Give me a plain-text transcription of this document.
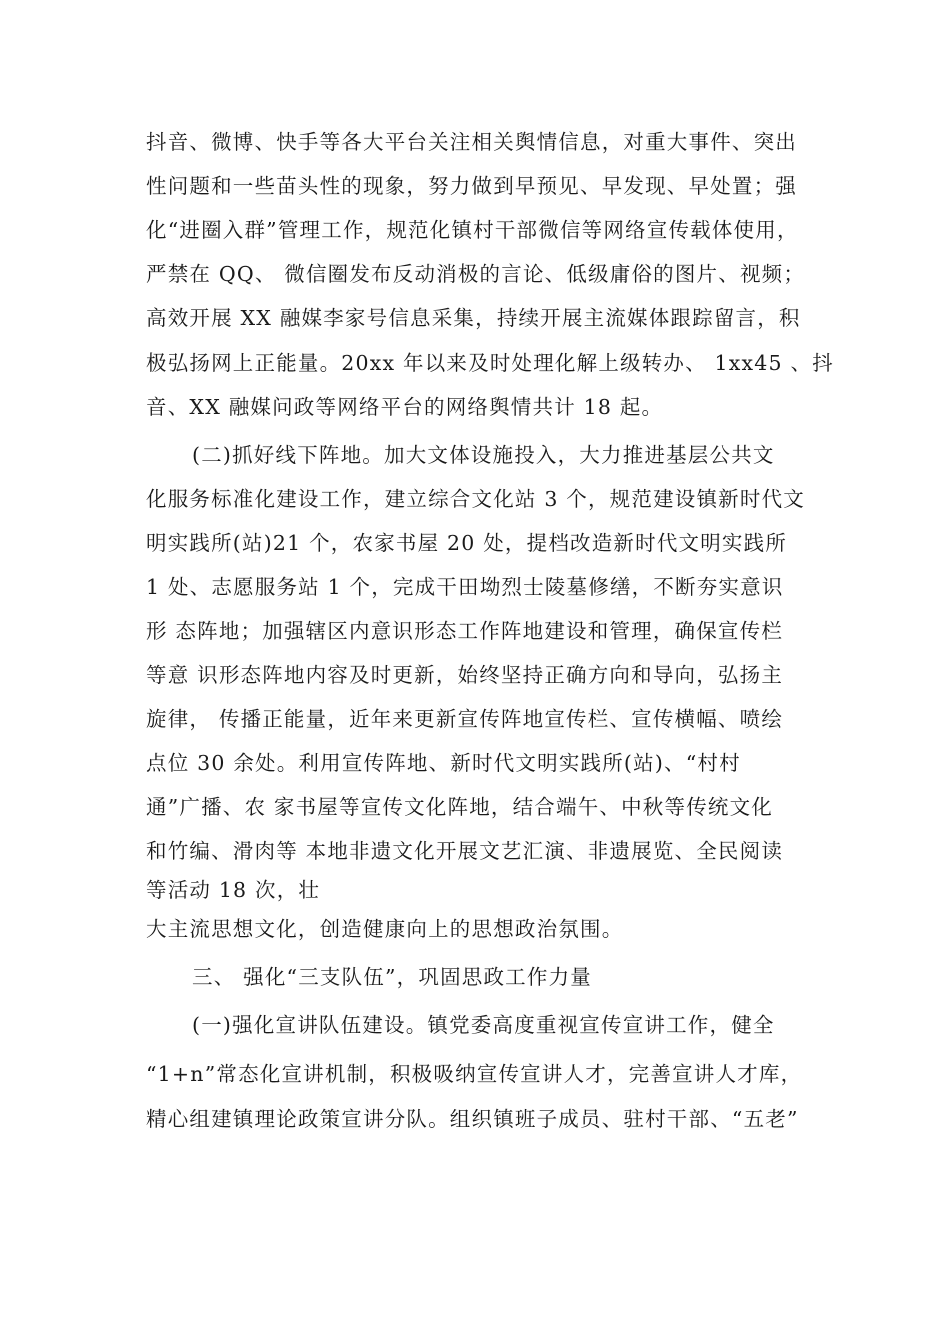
抖音、微博、快手等各大平台关注相关舆情信息，对重大事件、突出
性问题和一些苗头性的现象，努力做到早预见、早发现、早处置；强
化“进圈入群”管理工作，规范化镇村干部微信等网络宣传载体使用，
严禁在 QQ、 微信圈发布反动消极的言论、低级庸俗的图片、视频；
高效开展 XX 融媒李家号信息采集，持续开展主流媒体跟踪留言，积
极弘扬网上正能量。20xx 年以来及时处理化解上级转办、 1xx45 、抖
音、XX 融媒问政等网络平台的网络舆情共计 18 起。
(二)抓好线下阵地。加大文体设施投入，大力推进基层公共文
化服务标准化建设工作，建立综合文化站 3 个，规范建设镇新时代文
明实践所(站)21 个，农家书屋 20 处，提档改造新时代文明实践所
1 处、志愿服务站 1 个，完成干田坳烈士陵墓修缮，不断夯实意识
形 态阵地；加强辖区内意识形态工作阵地建设和管理，确保宣传栏
等意 识形态阵地内容及时更新，始终坚持正确方向和导向，弘扬主
旋律， 传播正能量，近年来更新宣传阵地宣传栏、宣传横幅、喷绘
点位 30 余处。利用宣传阵地、新时代文明实践所(站)、“村村
通”广播、农 家书屋等宣传文化阵地，结合端午、中秋等传统文化
和竹编、滑肉等 本地非遗文化开展文艺汇演、非遗展览、全民阅读
等活动 18 次，壮
大主流思想文化，创造健康向上的思想政治氛围。
三、 强化“三支队伍”，巩固思政工作力量
(一)强化宣讲队伍建设。镇党委高度重视宣传宣讲工作，健全
“1+n”常态化宣讲机制，积极吸纳宣传宣讲人才，完善宣讲人才库，
精心组建镇理论政策宣讲分队。组织镇班子成员、驻村干部、“五老”
